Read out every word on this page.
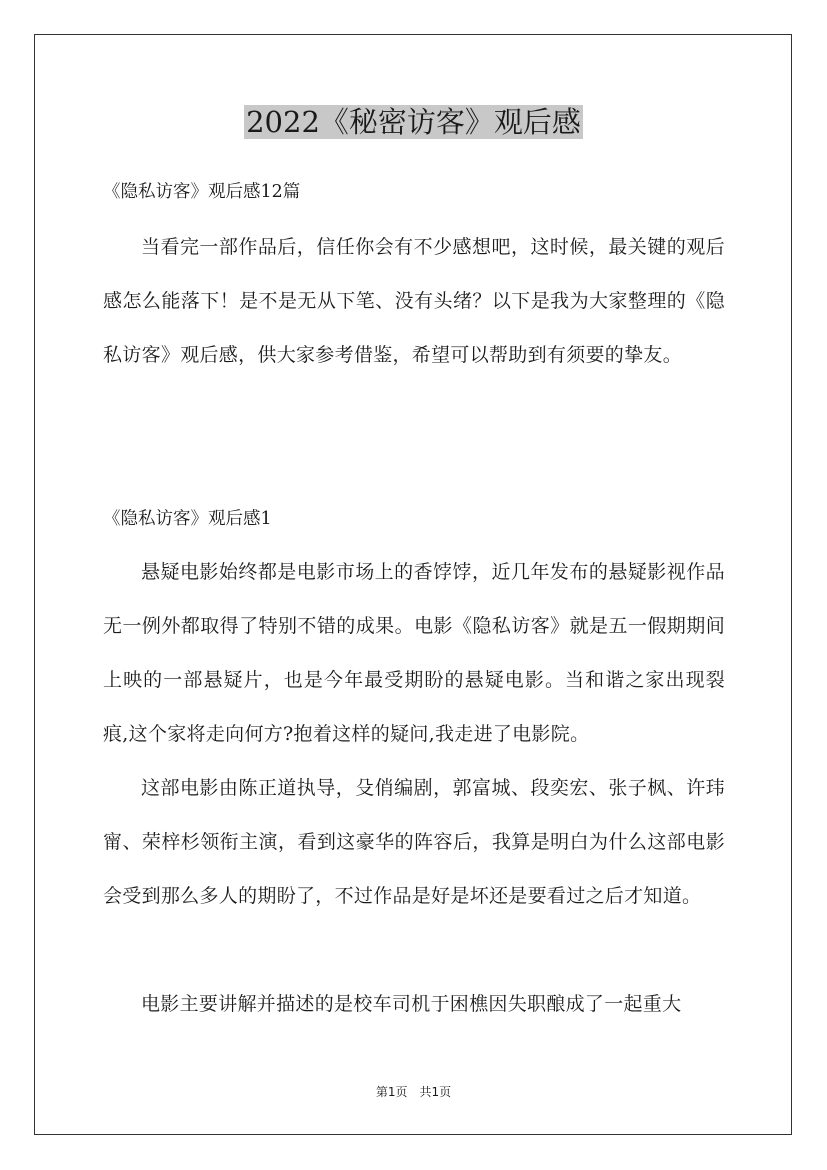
2022《秘密访客》观后感
《隐私访客》观后感12篇

当看完一部作品后，信任你会有不少感想吧，这时候，最关键的观后感怎么能落下！是不是无从下笔、没有头绪？以下是我为大家整理的《隐私访客》观后感，供大家参考借鉴，希望可以帮助到有须要的挚友。

《隐私访客》观后感1

悬疑电影始终都是电影市场上的香饽饽，近几年发布的悬疑影视作品无一例外都取得了特别不错的成果。电影《隐私访客》就是五一假期期间上映的一部悬疑片，也是今年最受期盼的悬疑电影。当和谐之家出现裂痕,这个家将走向何方?抱着这样的疑问,我走进了电影院。

这部电影由陈正道执导，殳俏编剧，郭富城、段奕宏、张子枫、许玮甯、荣梓杉领衔主演，看到这豪华的阵容后，我算是明白为什么这部电影会受到那么多人的期盼了，不过作品是好是坏还是要看过之后才知道。

电影主要讲解并描述的是校车司机于困樵因失职酿成了一起重大

第1页　共1页
